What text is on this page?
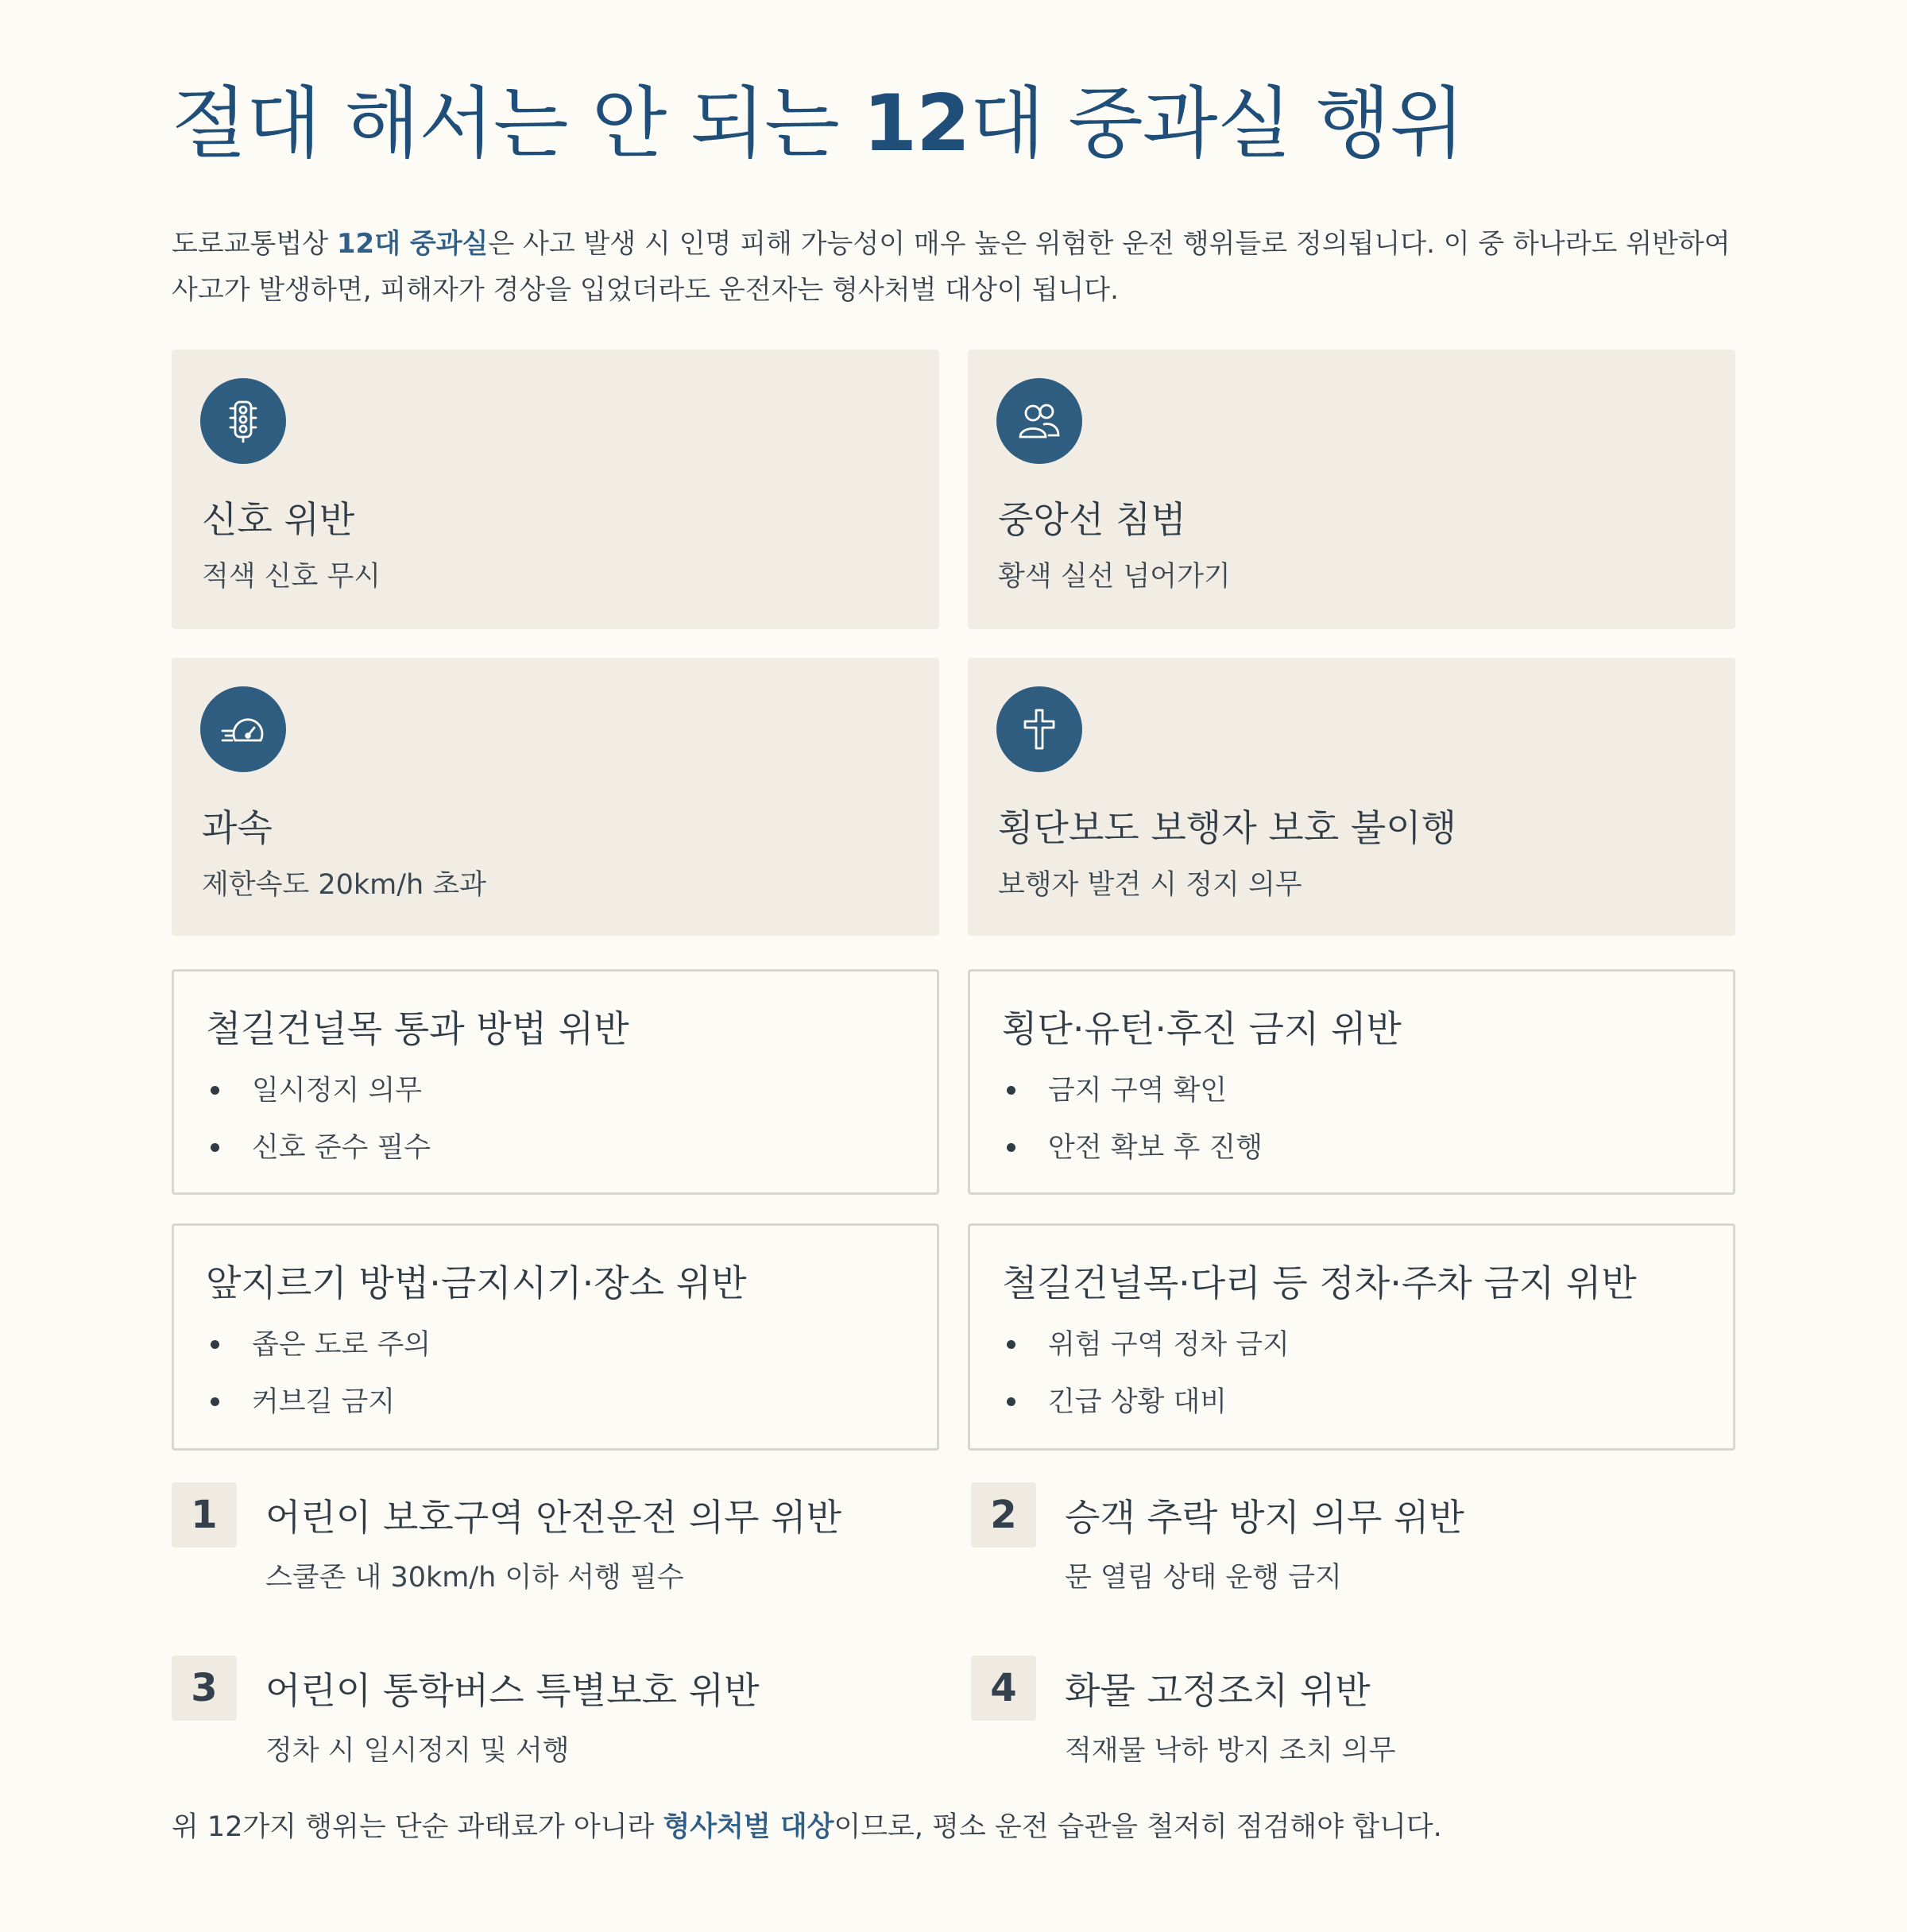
절대 해서는 안 되는 12대 중과실 행위

도로교통법상 12대 중과실은 사고 발생 시 인명 피해 가능성이 매우 높은 위험한 운전 행위들로 정의됩니다. 이 중 하나라도 위반하여 사고가 발생하면, 피해자가 경상을 입었더라도 운전자는 형사처벌 대상이 됩니다.

신호 위반
적색 신호 무시
중앙선 침범
황색 실선 넘어가기
과속
제한속도 20km/h 초과
횡단보도 보행자 보호 불이행
보행자 발견 시 정지 의무
철길건널목 통과 방법 위반
일시정지 의무
신호 준수 필수
횡단·유턴·후진 금지 위반
금지 구역 확인
안전 확보 후 진행
앞지르기 방법·금지시기·장소 위반
좁은 도로 주의
커브길 금지
철길건널목·다리 등 정차·주차 금지 위반
위험 구역 정차 금지
긴급 상황 대비
1	어린이 보호구역 안전운전 의무 위반
스쿨존 내 30km/h 이하 서행 필수
2	승객 추락 방지 의무 위반
문 열림 상태 운행 금지
3	어린이 통학버스 특별보호 위반
정차 시 일시정지 및 서행
4	화물 고정조치 위반
적재물 낙하 방지 조치 의무

위 12가지 행위는 단순 과태료가 아니라 형사처벌 대상이므로, 평소 운전 습관을 철저히 점검해야 합니다.
